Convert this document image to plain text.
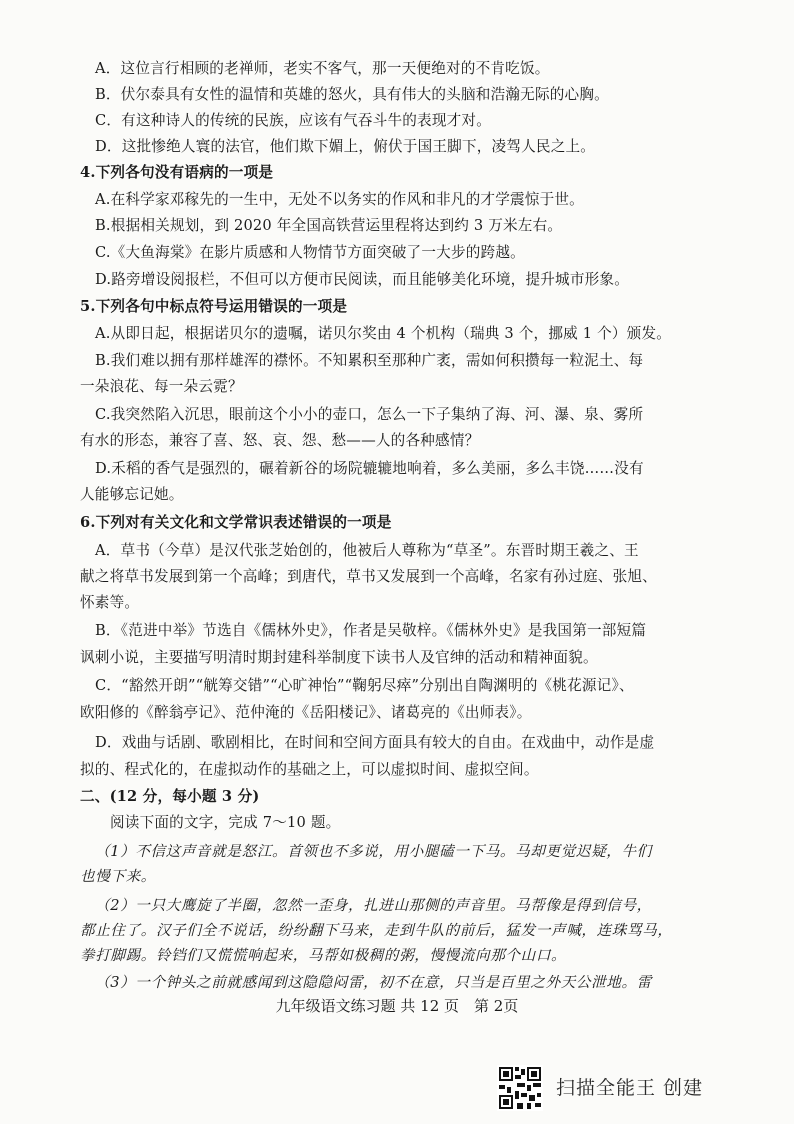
A．这位言行相顾的老禅师，老实不客气，那一天便绝对的不肯吃饭。
B．伏尔泰具有女性的温情和英雄的怒火，具有伟大的头脑和浩瀚无际的心胸。
C．有这种诗人的传统的民族，应该有气吞斗牛的表现才对。
D．这批惨绝人寰的法官，他们欺下媚上，俯伏于国王脚下，凌驾人民之上。
4.下列各句没有语病的一项是
A.在科学家邓稼先的一生中，无处不以务实的作风和非凡的才学震惊于世。
B.根据相关规划，到 2020 年全国高铁营运里程将达到约 3 万米左右。
C.《大鱼海棠》在影片质感和人物情节方面突破了一大步的跨越。
D.路旁增设阅报栏，不但可以方便市民阅读，而且能够美化环境，提升城市形象。
5.下列各句中标点符号运用错误的一项是
A.从即日起，根据诺贝尔的遗嘱，诺贝尔奖由 4 个机构（瑞典 3 个，挪威 1 个）颁发。
B.我们难以拥有那样雄浑的襟怀。不知累积至那种广袤，需如何积攒每一粒泥土、每
一朵浪花、每一朵云霓？
C.我突然陷入沉思，眼前这个小小的壶口，怎么一下子集纳了海、河、瀑、泉、雾所
有水的形态，兼容了喜、怒、哀、怨、愁——人的各种感情？
D.禾稻的香气是强烈的，碾着新谷的场院辘辘地响着，多么美丽，多么丰饶……没有
人能够忘记她。
6.下列对有关文化和文学常识表述错误的一项是
A．草书（今草）是汉代张芝始创的，他被后人尊称为“草圣”。东晋时期王羲之、王
献之将草书发展到第一个高峰；到唐代，草书又发展到一个高峰，名家有孙过庭、张旭、
怀素等。
B．《范进中举》节选自《儒林外史》，作者是吴敬梓。《儒林外史》是我国第一部短篇
讽刺小说，主要描写明清时期封建科举制度下读书人及官绅的活动和精神面貌。
C．“豁然开朗”“觥筹交错”“心旷神怡”“鞠躬尽瘁”分别出自陶渊明的《桃花源记》、
欧阳修的《醉翁亭记》、范仲淹的《岳阳楼记》、诸葛亮的《出师表》。
D．戏曲与话剧、歌剧相比，在时间和空间方面具有较大的自由。在戏曲中，动作是虚
拟的、程式化的，在虚拟动作的基础之上，可以虚拟时间、虚拟空间。
二、(12 分，每小题 3 分)
阅读下面的文字，完成 7～10 题。
（1）不信这声音就是怒江。首领也不多说，用小腿磕一下马。马却更觉迟疑，牛们
也慢下来。
（2）一只大鹰旋了半圈，忽然一歪身，扎进山那侧的声音里。马帮像是得到信号，
都止住了。汉子们全不说话，纷纷翻下马来，走到牛队的前后，猛发一声喊，连珠骂马，
拳打脚踢。铃铛们又慌慌响起来，马帮如极稠的粥，慢慢流向那个山口。
（3）一个钟头之前就感闻到这隐隐闷雷，初不在意，只当是百里之外天公泄地。雷
九年级语文练习题 共 12 页　第 2页
扫描全能王 创建
